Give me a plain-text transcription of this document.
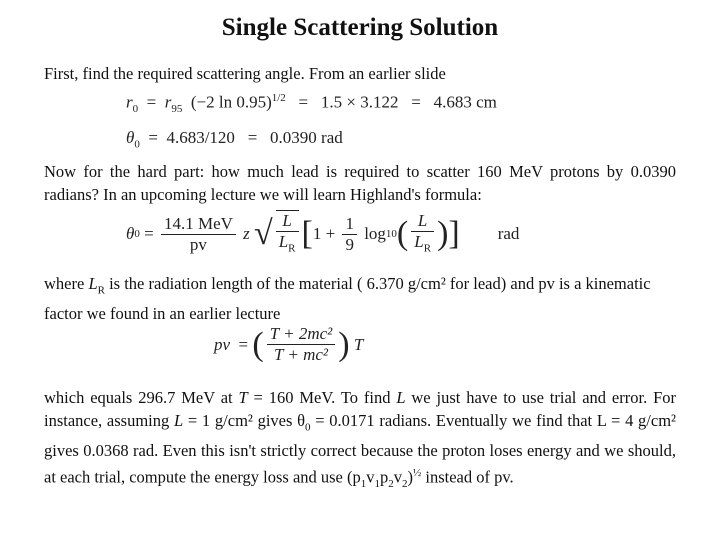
Single Scattering Solution
First, find the required scattering angle. From an earlier slide
$r_0 = r_{95}$ (−2 ln 0.95)$^{1/2}$ = 1.5 × 3.122 = 4.683 cm
$\theta_0 = 4.683/120 = 0.0390$ rad
Now for the hard part: how much lead is required to scatter 160 MeV protons by 0.0390 radians? In an upcoming lecture we will learn Highland's formula:
θ $0 = \frac{\text{14.1 MeV}}{pv}$
z
√ $\frac{L}{L_R}$ [ 1
+
$\frac{1}{9}$
log 10 ( $\frac{L}{L_R}$ ) ] rad
where $L_R$ is the radiation length of the material ( 6.370 g/cm² for lead) and pv is a kinematic factor we found in an earlier lecture
pv
=
( $\frac{\text{T + 2mc²}}{\text{T + mc²}}$ )
T
which equals 296.7 MeV at T = 160 MeV. To find L we just have to use trial and error. For instance, assuming L = 1 g/cm² gives $\theta_0 = 0.0171$ radians. Eventually we find that L = 4 g/cm² gives 0.0368 rad. Even this isn't strictly correct because the proton loses energy and we should, at each trial, compute the energy loss and use $(p_1v_1p_2v_2)^{\frac{1}{2}}$ instead of pv.
